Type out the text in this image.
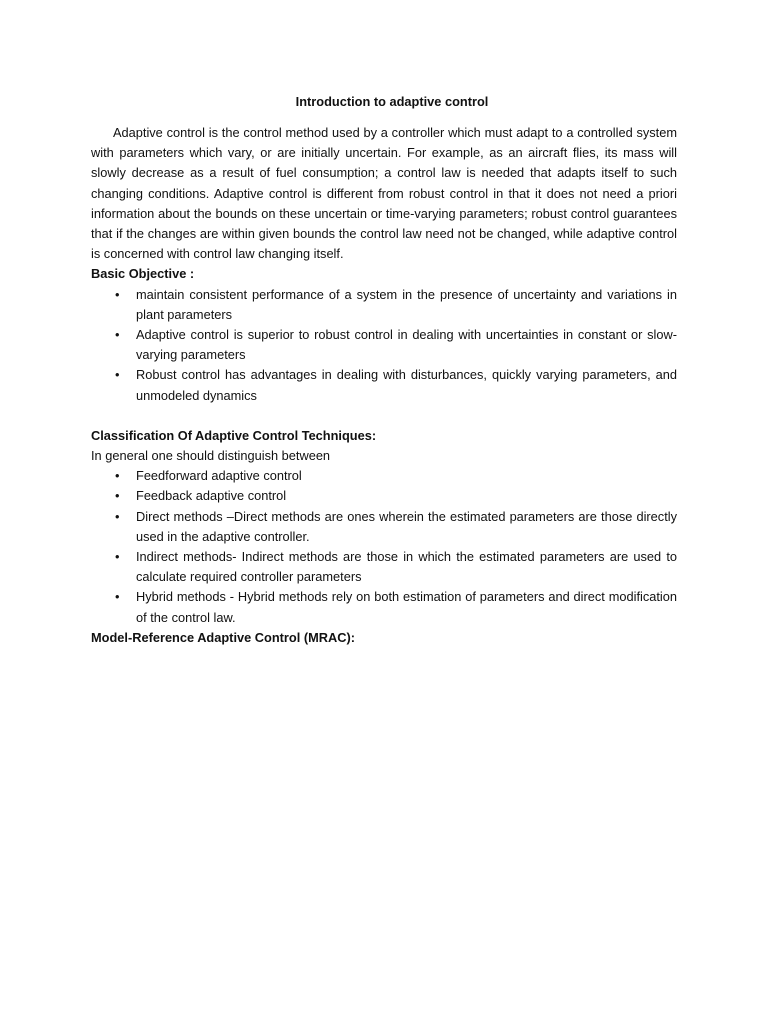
Introduction to adaptive control

Adaptive control is the control method used by a controller which must adapt to a controlled system with parameters which vary, or are initially uncertain. For example, as an aircraft flies, its mass will slowly decrease as a result of fuel consumption; a control law is needed that adapts itself to such changing conditions. Adaptive control is different from robust control in that it does not need a priori information about the bounds on these uncertain or time-varying parameters; robust control guarantees that if the changes are within given bounds the control law need not be changed, while adaptive control is concerned with control law changing itself.

Basic Objective :

• maintain consistent performance of a system in the presence of uncertainty and variations in plant parameters
• Adaptive control is superior to robust control in dealing with uncertainties in constant or slow-varying parameters
• Robust control has advantages in dealing with disturbances, quickly varying parameters, and unmodeled dynamics

Classification Of Adaptive Control Techniques:

In general one should distinguish between

• Feedforward adaptive control
• Feedback adaptive control
• Direct methods –Direct methods are ones wherein the estimated parameters are those directly used in the adaptive controller.
• Indirect methods- Indirect methods are those in which the estimated parameters are used to calculate required controller parameters
• Hybrid methods - Hybrid methods rely on both estimation of parameters and direct modification of the control law.

Model-Reference Adaptive Control (MRAC):
